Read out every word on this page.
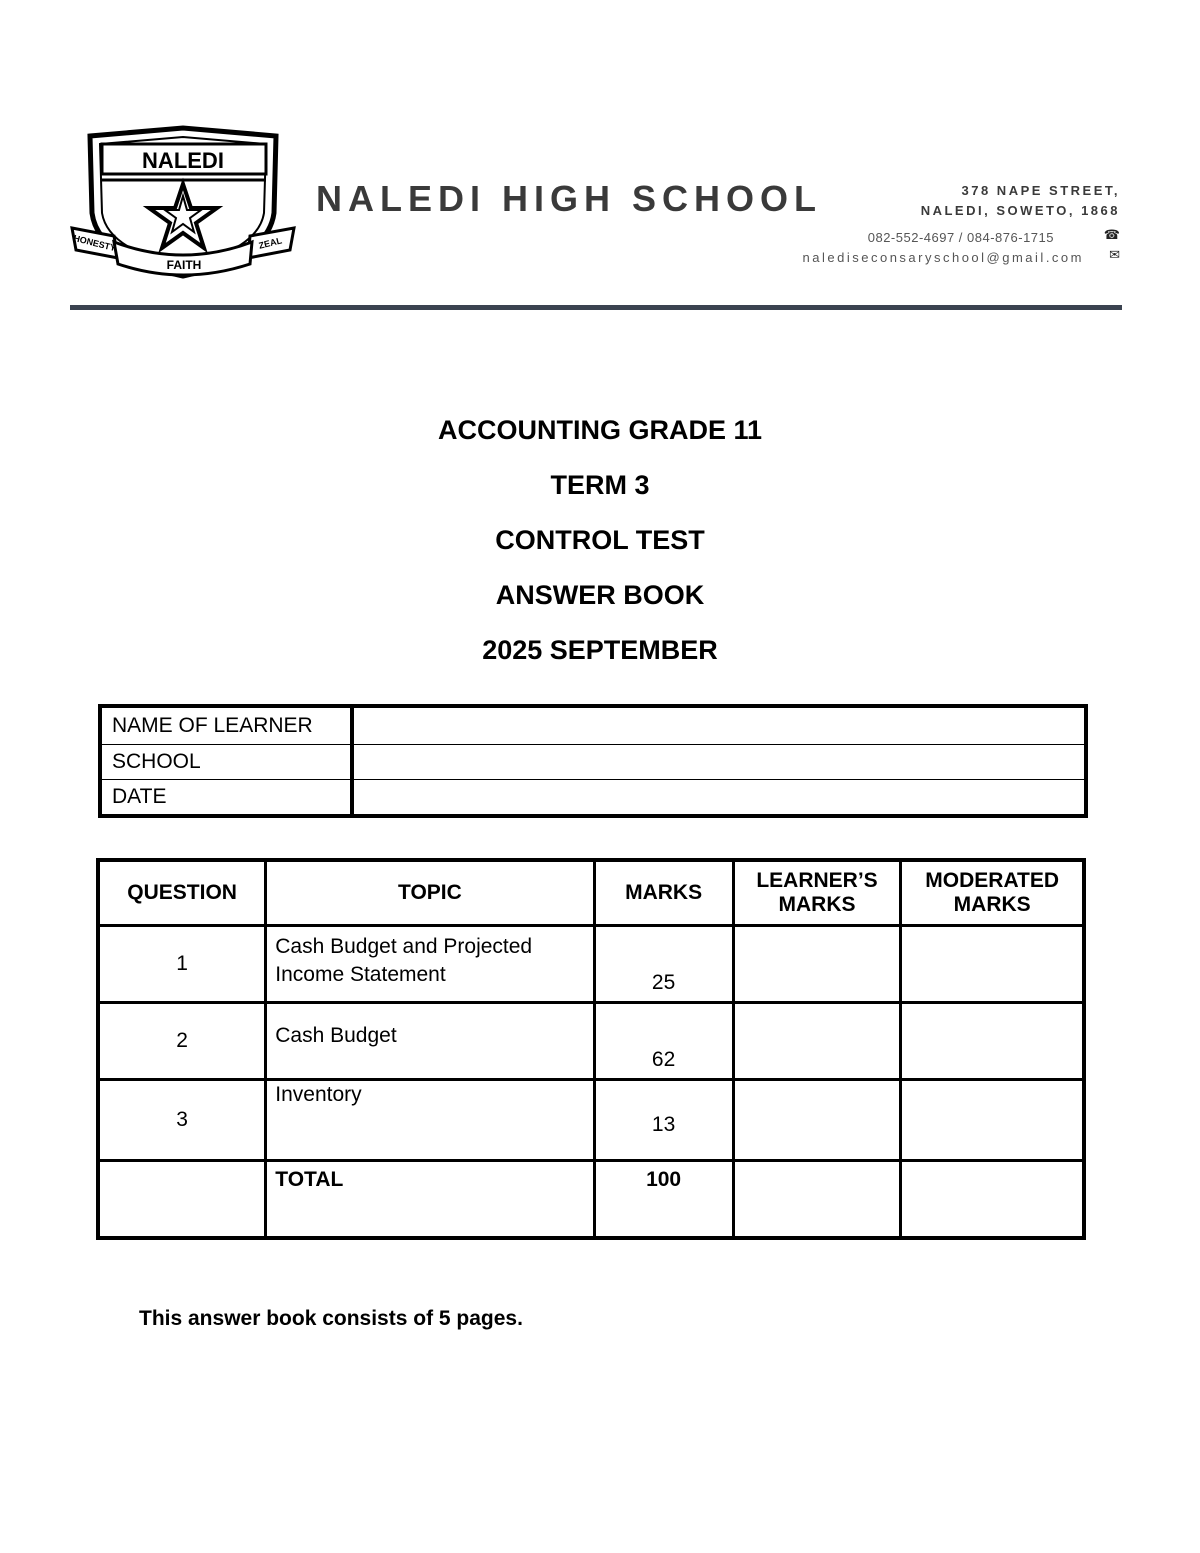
NALEDI
HONESTY
FAITH
ZEAL
NALEDI HIGH SCHOOL	378 NAPE STREET,
NALEDI, SOWETO, 1868
082-552-4697 / 084-876-1715
nalediseconsaryschool@gmail.com
☎
✉
ACCOUNTING GRADE 11
TERM 3
CONTROL TEST
ANSWER BOOK
2025 SEPTEMBER
NAME OF LEARNER	
SCHOOL	
DATE	
QUESTION	TOPIC	MARKS	LEARNER’S MARKS	MODERATED MARKS
1	Cash Budget and Projected Income Statement	25		
2	Cash Budget	62		
3	Inventory	13		
	TOTAL	100		
This answer book consists of 5 pages.
